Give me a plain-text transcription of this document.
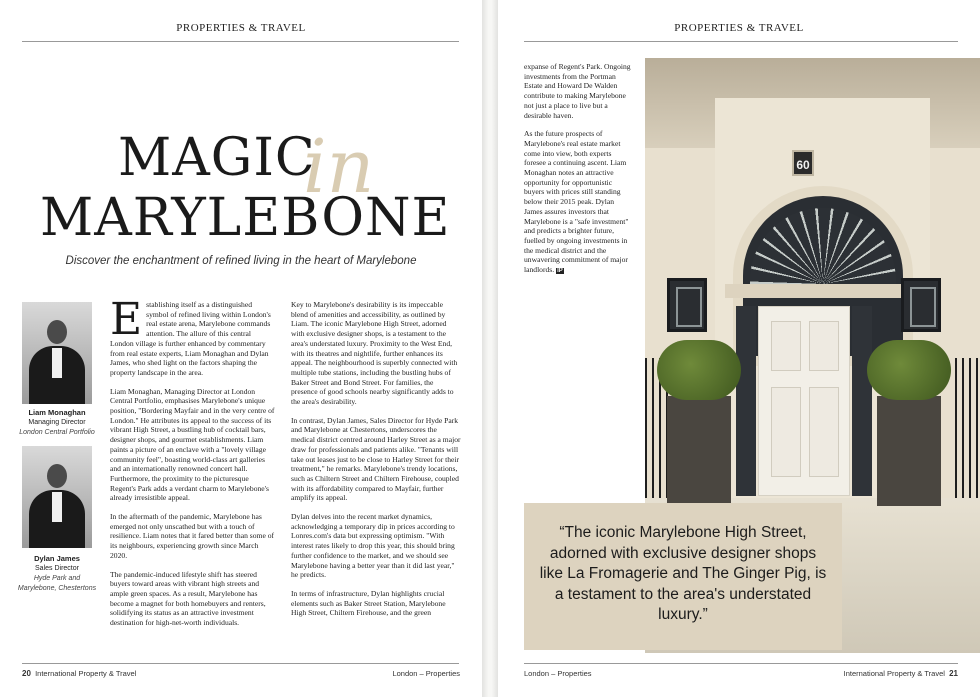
PROPERTIES & TRAVEL
in
MAGIC
MARYLEBONE
Discover the enchantment of refined living in the heart of Marylebone
Liam Monaghan
Managing Director
London Central Portfolio
Dylan James
Sales Director
Hyde Park and Marylebone, Chestertons

Establishing itself as a distinguished symbol of refined living within London's real estate arena, Marylebone commands attention. The allure of this central London village is further enhanced by commentary from real estate experts, Liam Monaghan and Dylan James, who shed light on the factors shaping the property landscape in the area.

Liam Monaghan, Managing Director at London Central Portfolio, emphasises Marylebone's unique position, "Bordering Mayfair and in the very centre of London." He attributes its appeal to the success of its vibrant High Street, a bustling hub of cocktail bars, designer shops, and gourmet establishments. Liam paints a picture of an enclave with a "lovely village community feel", boasting world-class art galleries and an internationally renowned concert hall. Furthermore, the proximity to the picturesque Regent's Park adds a verdant charm to Marylebone's already irresistible appeal.

In the aftermath of the pandemic, Marylebone has emerged not only unscathed but with a touch of resilience. Liam notes that it fared better than some of its neighbours, experiencing growth since March 2020.

The pandemic-induced lifestyle shift has steered buyers toward areas with vibrant high streets and ample green spaces. As a result, Marylebone has become a magnet for both homebuyers and renters, solidifying its status as an attractive investment destination for high-net-worth individuals.

Key to Marylebone's desirability is its impeccable blend of amenities and accessibility, as outlined by Liam. The iconic Marylebone High Street, adorned with exclusive designer shops, is a testament to the area's understated luxury. Proximity to the West End, with its theatres and nightlife, further enhances its appeal. The neighbourhood is superbly connected with multiple tube stations, including the bustling hubs of Baker Street and Bond Street. For families, the presence of good schools nearby significantly adds to the area's desirability.

In contrast, Dylan James, Sales Director for Hyde Park and Marylebone at Chestertons, underscores the medical district centred around Harley Street as a major draw for professionals and patients alike. "Tenants will take out leases just to be close to Harley Street for their treatment," he remarks. Marylebone's trendy locations, such as Chiltern Street and Chiltern Firehouse, coupled with its affordability compared to Mayfair, further amplify its appeal.

Dylan delves into the recent market dynamics, acknowledging a temporary dip in prices according to Lonres.com's data but expressing optimism. "With interest rates likely to drop this year, this should bring further confidence to the market, and we should see Marylebone having a better year than it did last year," he predicts.

In terms of infrastructure, Dylan highlights crucial elements such as Baker Street Station, Marylebone High Street, Chiltern Firehouse, and the green

20 International Property & Travel	London – Properties
PROPERTIES & TRAVEL

expanse of Regent's Park. Ongoing investments from the Portman Estate and Howard De Walden contribute to making Marylebone not just a place to live but a desirable haven.

As the future prospects of Marylebone's real estate market come into view, both experts foresee a continuing ascent. Liam Monaghan notes an attractive opportunity for opportunistic buyers with prices still standing below their 2015 peak. Dylan James assures investors that Marylebone is a "safe investment" and predicts a brighter future, fuelled by ongoing investments in the medical district and the unwavering commitment of major landlords. IP

60
“The iconic Marylebone High Street, adorned with exclusive designer shops like La Fromagerie and The Ginger Pig, is a testament to the area's understated luxury.”
London – Properties	International Property & Travel 21
